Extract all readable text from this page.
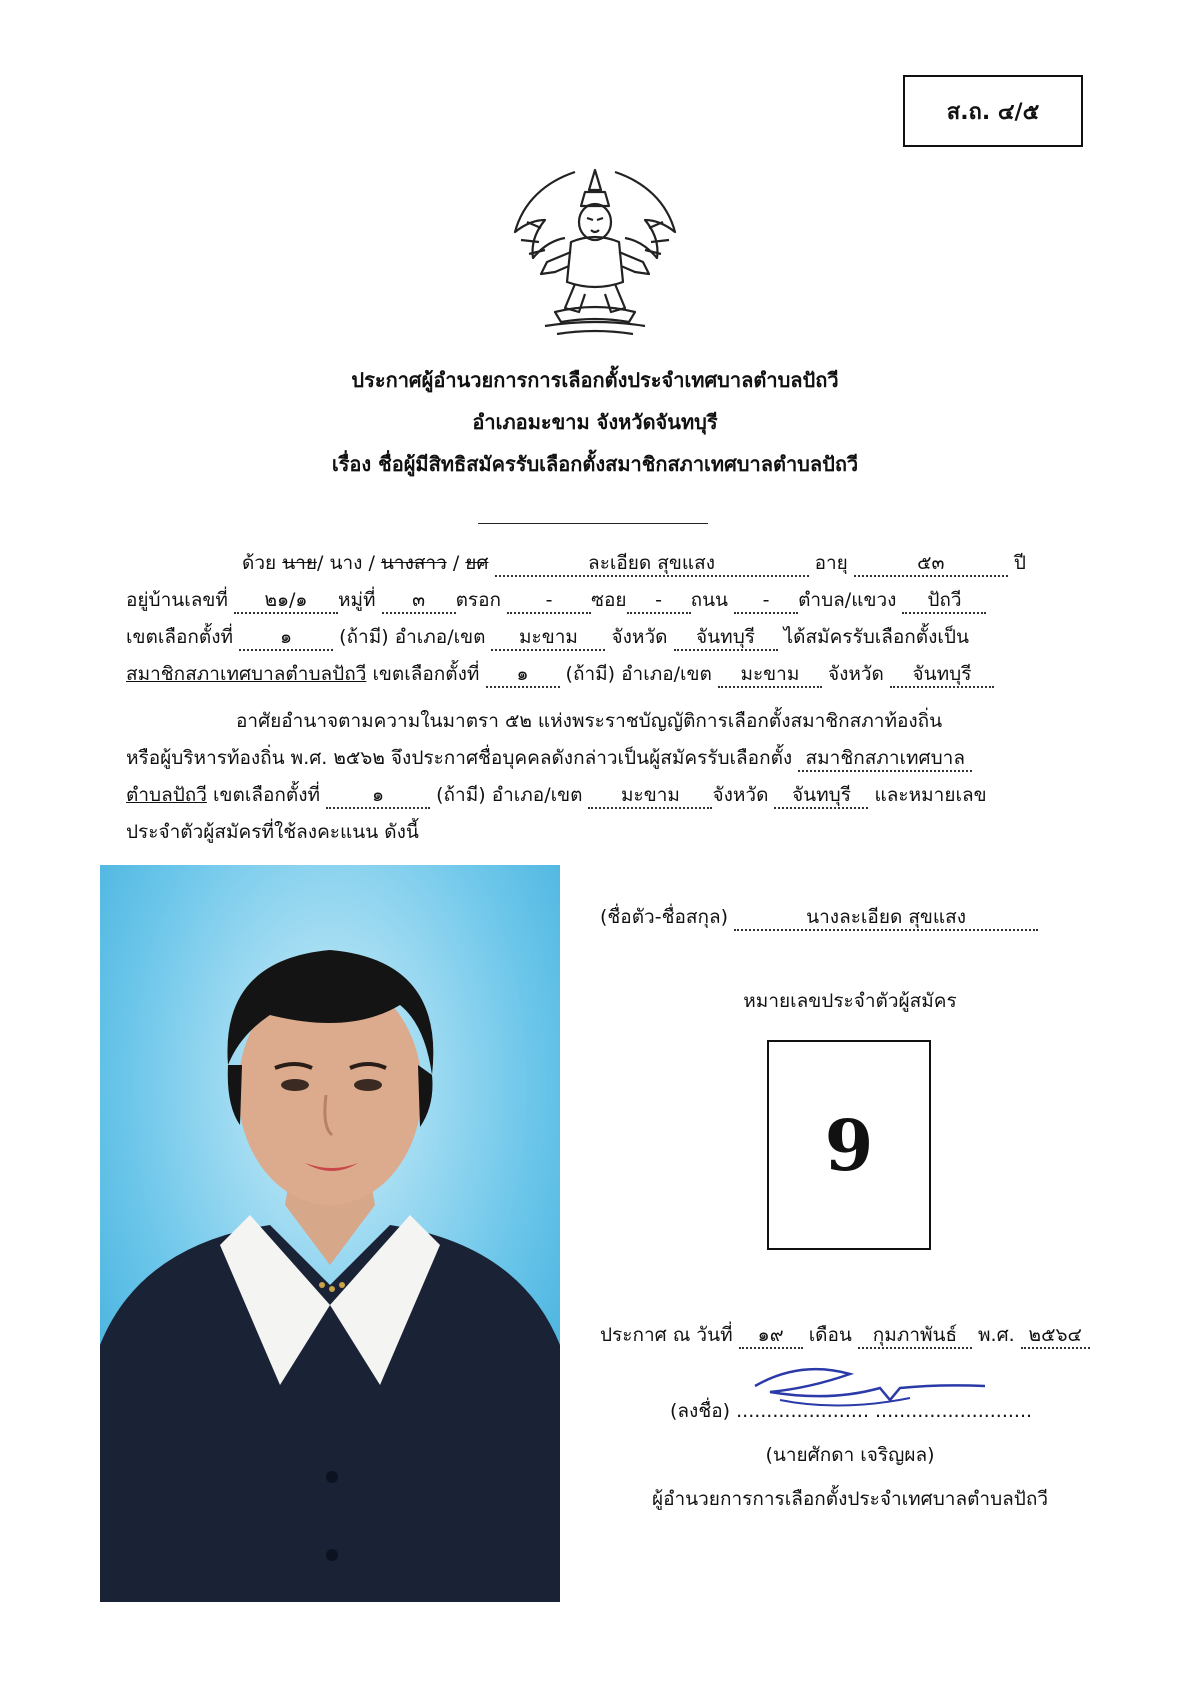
ส.ถ. ๔/๕
ประกาศผู้อำนวยการการเลือกตั้งประจำเทศบาลตำบลปัถวี
อำเภอมะขาม จังหวัดจันทบุรี
เรื่อง ชื่อผู้มีสิทธิสมัครรับเลือกตั้งสมาชิกสภาเทศบาลตำบลปัถวี
ด้วย นาย/ นาง / นางสาว / ยศ	ละเอียด สุขแสง	อายุ	๕๓	ปี
อยู่บ้านเลขที่ ๒๑/๑ หมู่ที่ ๓ ตรอก - ซอย - ถนน - ตำบล/แขวง ปัถวี
เขตเลือกตั้งที่ ๑ (ถ้ามี) อำเภอ/เขต มะขาม จังหวัด จันทบุรี ได้สมัครรับเลือกตั้งเป็น
สมาชิกสภาเทศบาลตำบลปัถวี เขตเลือกตั้งที่ ๑ (ถ้ามี) อำเภอ/เขต มะขาม จังหวัด จันทบุรี
อาศัยอำนาจตามความในมาตรา ๕๒ แห่งพระราชบัญญัติการเลือกตั้งสมาชิกสภาท้องถิ่น
หรือผู้บริหารท้องถิ่น พ.ศ. ๒๕๖๒ จึงประกาศชื่อบุคคลดังกล่าวเป็นผู้สมัครรับเลือกตั้ง สมาชิกสภาเทศบาล
ตำบลปัถวี เขตเลือกตั้งที่	๑	(ถ้ามี) อำเภอ/เขต มะขาม จังหวัด จันทบุรี และหมายเลข
ประจำตัวผู้สมัครที่ใช้ลงคะแนน ดังนี้
(ชื่อตัว-ชื่อสกุล)	นางละเอียด สุขแสง
หมายเลขประจำตัวผู้สมัคร
9
ประกาศ ณ วันที่ ๑๙ เดือน กุมภาพันธ์ พ.ศ. ๒๕๖๔
(ลงชื่อ) ...................... ..........................
(นายศักดา เจริญผล)
ผู้อำนวยการการเลือกตั้งประจำเทศบาลตำบลปัถวี
